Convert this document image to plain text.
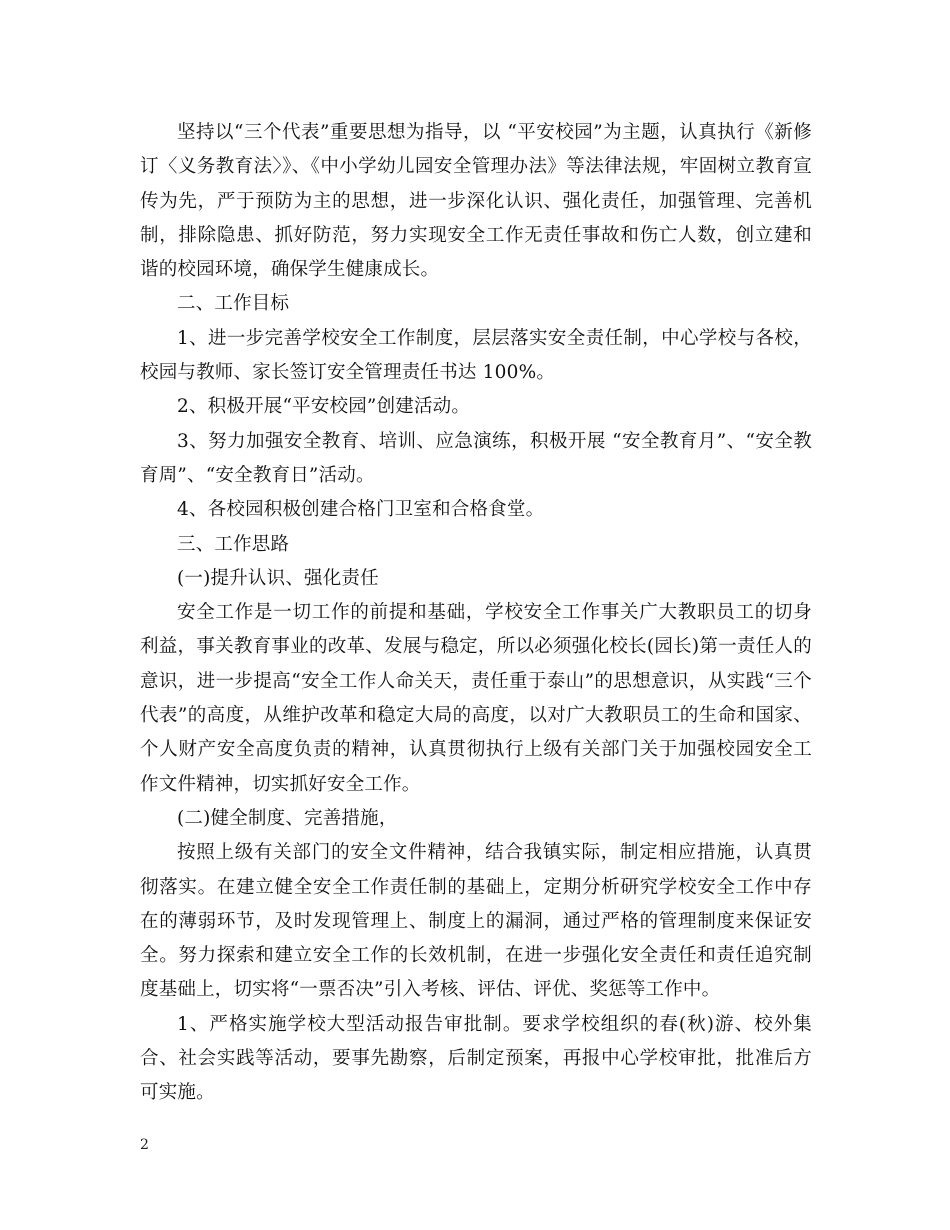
坚持以“三个代表”重要思想为指导，以 “平安校园”为主题，认真执行《新修订〈义务教育法〉》、《中小学幼儿园安全管理办法》等法律法规，牢固树立教育宣传为先，严于预防为主的思想，进一步深化认识、强化责任，加强管理、完善机制，排除隐患、抓好防范，努力实现安全工作无责任事故和伤亡人数，创立建和谐的校园环境，确保学生健康成长。

二、工作目标

1、进一步完善学校安全工作制度，层层落实安全责任制，中心学校与各校，校园与教师、家长签订安全管理责任书达 100%。

2、积极开展“平安校园”创建活动。

3、努力加强安全教育、培训、应急演练，积极开展 “安全教育月”、“安全教育周”、“安全教育日”活动。

4、各校园积极创建合格门卫室和合格食堂。

三、工作思路

(一)提升认识、强化责任

安全工作是一切工作的前提和基础，学校安全工作事关广大教职员工的切身利益，事关教育事业的改革、发展与稳定，所以必须强化校长(园长)第一责任人的意识，进一步提高“安全工作人命关天，责任重于泰山”的思想意识，从实践“三个代表”的高度，从维护改革和稳定大局的高度，以对广大教职员工的生命和国家、个人财产安全高度负责的精神，认真贯彻执行上级有关部门关于加强校园安全工作文件精神，切实抓好安全工作。

(二)健全制度、完善措施，

按照上级有关部门的安全文件精神，结合我镇实际，制定相应措施，认真贯彻落实。在建立健全安全工作责任制的基础上，定期分析研究学校安全工作中存在的薄弱环节，及时发现管理上、制度上的漏洞，通过严格的管理制度来保证安全。努力探索和建立安全工作的长效机制，在进一步强化安全责任和责任追究制度基础上，切实将“一票否决”引入考核、评估、评优、奖惩等工作中。

1、严格实施学校大型活动报告审批制。要求学校组织的春(秋)游、校外集合、社会实践等活动，要事先勘察，后制定预案，再报中心学校审批，批准后方可实施。

2
